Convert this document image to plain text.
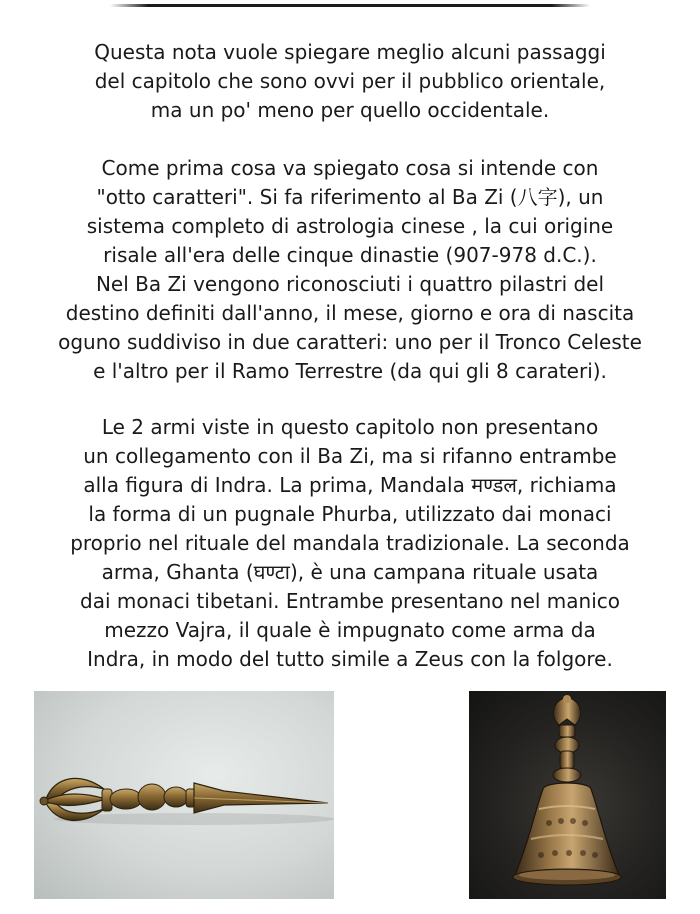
Questa nota vuole spiegare meglio alcuni passaggi
del capitolo che sono ovvi per il pubblico orientale,
ma un po' meno per quello occidentale.

Come prima cosa va spiegato cosa si intende con
"otto caratteri". Si fa riferimento al Ba Zi (八字), un
sistema completo di astrologia cinese , la cui origine
risale all'era delle cinque dinastie (907-978 d.C.).
Nel Ba Zi vengono riconosciuti i quattro pilastri del
destino definiti dall'anno, il mese, giorno e ora di nascita
oguno suddiviso in due caratteri: uno per il Tronco Celeste
e l'altro per il Ramo Terrestre (da qui gli 8 carateri).

Le 2 armi viste in questo capitolo non presentano
un collegamento con il Ba Zi, ma si rifanno entrambe
alla figura di Indra. La prima, Mandala मण्डल, richiama
la forma di un pugnale Phurba, utilizzato dai monaci
proprio nel rituale del mandala tradizionale. La seconda
arma, Ghanta (घण्टा), è una campana rituale usata
dai monaci tibetani. Entrambe presentano nel manico
mezzo Vajra, il quale è impugnato come arma da
Indra, in modo del tutto simile a Zeus con la folgore.
